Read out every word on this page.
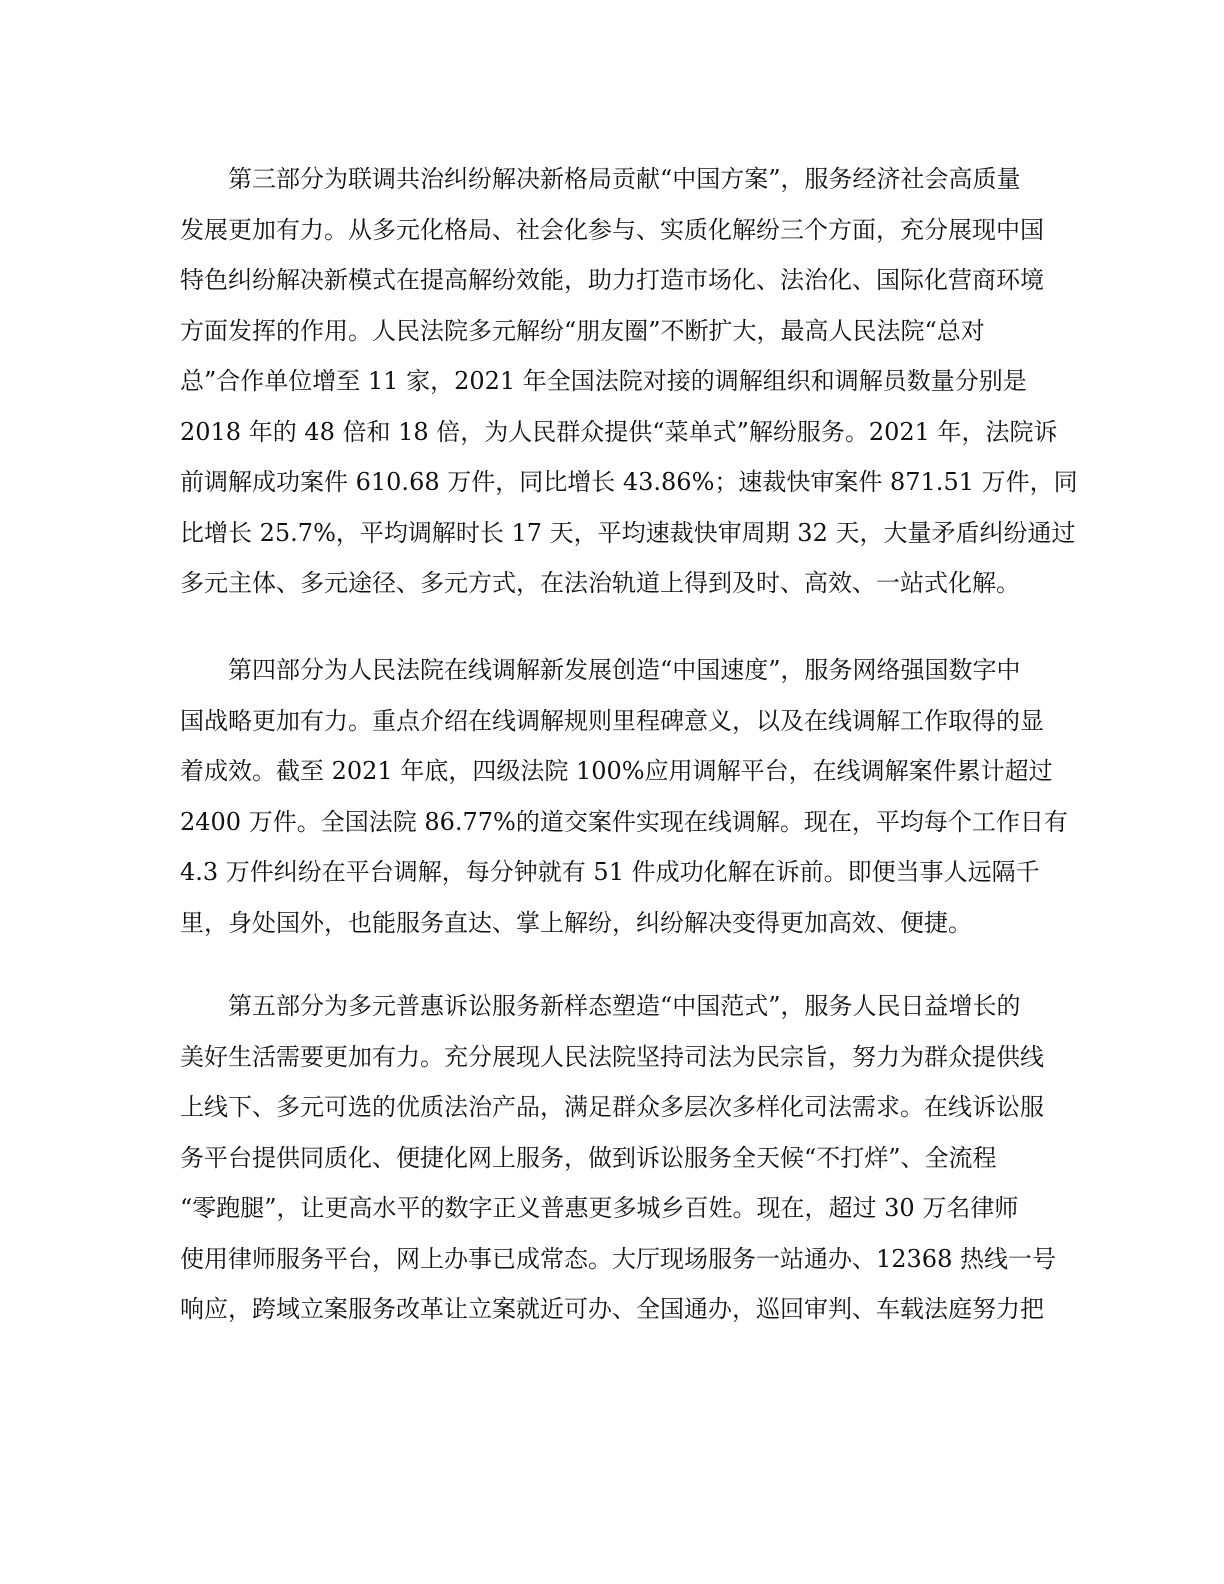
　　第三部分为联调共治纠纷解决新格局贡献“中国方案”，服务经济社会高质量
发展更加有力。从多元化格局、社会化参与、实质化解纷三个方面，充分展现中国
特色纠纷解决新模式在提高解纷效能，助力打造市场化、法治化、国际化营商环境
方面发挥的作用。人民法院多元解纷“朋友圈”不断扩大，最高人民法院“总对
总”合作单位增至 11 家，2021 年全国法院对接的调解组织和调解员数量分别是
2018 年的 48 倍和 18 倍，为人民群众提供“菜单式”解纷服务。2021 年，法院诉
前调解成功案件 610.68 万件，同比增长 43.86%；速裁快审案件 871.51 万件，同
比增长 25.7%，平均调解时长 17 天，平均速裁快审周期 32 天，大量矛盾纠纷通过
多元主体、多元途径、多元方式，在法治轨道上得到及时、高效、一站式化解。
　　第四部分为人民法院在线调解新发展创造“中国速度”，服务网络强国数字中
国战略更加有力。重点介绍在线调解规则里程碑意义，以及在线调解工作取得的显
着成效。截至 2021 年底，四级法院 100%应用调解平台，在线调解案件累计超过
2400 万件。全国法院 86.77%的道交案件实现在线调解。现在，平均每个工作日有
4.3 万件纠纷在平台调解，每分钟就有 51 件成功化解在诉前。即便当事人远隔千
里，身处国外，也能服务直达、掌上解纷，纠纷解决变得更加高效、便捷。
　　第五部分为多元普惠诉讼服务新样态塑造“中国范式”，服务人民日益增长的
美好生活需要更加有力。充分展现人民法院坚持司法为民宗旨，努力为群众提供线
上线下、多元可选的优质法治产品，满足群众多层次多样化司法需求。在线诉讼服
务平台提供同质化、便捷化网上服务，做到诉讼服务全天候“不打烊”、全流程
“零跑腿”，让更高水平的数字正义普惠更多城乡百姓。现在，超过 30 万名律师
使用律师服务平台，网上办事已成常态。大厅现场服务一站通办、12368 热线一号
响应，跨域立案服务改革让立案就近可办、全国通办，巡回审判、车载法庭努力把
